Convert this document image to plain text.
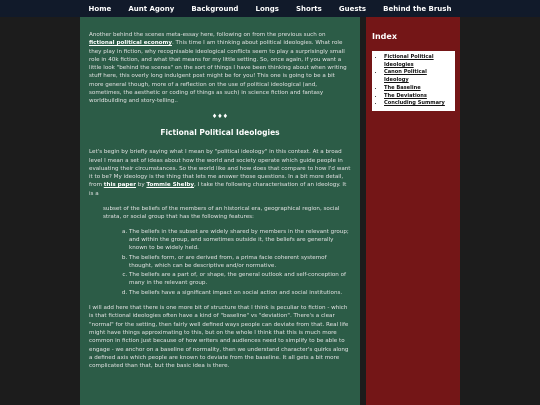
Home Aunt Agony Background Longs Shorts Guests Behind the Brush

Another behind the scenes meta-essay here, following on from the previous such on fictional political economy. This time I am thinking about political ideologies. What role they play in fiction, why recognisable ideological conflicts seem to play a surprisingly small role in 40k fiction, and what that means for my little setting. So, once again, if you want a little look "behind the scenes" on the sort of things I have been thinking about when writing stuff here, this overly long indulgent post might be for you! This one is going to be a bit more general though, more of a reflection on the use of political ideological (and, sometimes, the aesthetic or coding of things as such) in science fiction and fantasy worldbuilding and story-telling..

♦♦♦
Fictional Political Ideologies

Let's begin by briefly saying what I mean by "political ideology" in this context. At a broad level I mean a set of ideas about how the world and society operate which guide people in evaluating their circumstances. So the world like and how does that compare to how I'd want it to be? My ideology is the thing that lets me answer those questions. In a bit more detail, from this paper by Tommie Shelby, I take the following characterisation of an ideology. It is a

subset of the beliefs of the members of an historical era, geographical region, social strata, or social group that has the following features:
a. The beliefs in the subset are widely shared by members in the relevant group; and within the group, and sometimes outside it, the beliefs are generally known to be widely held.
b. The beliefs form, or are derived from, a prima facie coherent systemof thought, which can be descriptive and/or normative.
c. The beliefs are a part of, or shape, the general outlook and self-conception of many in the relevant group.
d. The beliefs have a significant impact on social action and social institutions.

I will add here that there is one more bit of structure that I think is peculiar to fiction - which is that fictional ideologies often have a kind of "baseline" vs "deviation". There's a clear "normal" for the setting, then fairly well defined ways people can deviate from that. Real life might have things approximating to this, but on the whole I think that this is much more common in fiction just because of how writers and audiences need to simplify to be able to engage - we anchor on a baseline of normality, then we understand character's quirks along a defined axis which people are known to deviate from the baseline. It all gets a bit more complicated than that, but the basic idea is there.

Index
• Fictional Political Ideologies
• Canon Political Ideology
• The Baseline
• The Deviations
• Concluding Summary
